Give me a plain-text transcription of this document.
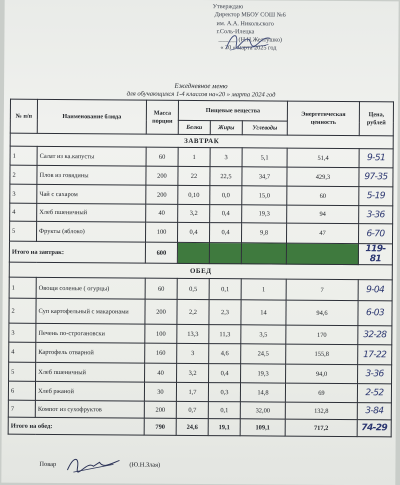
Утверждаю
Директор МБОУ СОШ №6
им. А.А. Никольского
г.Соль-Илецка
______ (Н.Н.Желтушко)
« 20 » марта 2025 год
Ежедневное меню
для обучающихся 1-4 классов на«20 » марта 2024 год
№ п/п	Наименование блюда	Масса порции	Пищевые вещества			Энергетическая ценность	Цена, рублей
			Белки	Жиры	Углеводы		
ЗАВТРАК							
1	Салат из ка.капусты	60	1	3	5,1	51,4	9-51
2	Плов из говядины	200	22	22,5	34,7	429,3	97-35
3	Чай с сахаром	200	0,10	0,0	15,0	60	5-19
4	Хлеб пшеничный	40	3,2	0,4	19,3	94	3-36
5	Фрукты (яблоко)	100	0,4	0,4	9,8	47	6-70
Итого на завтрак:		600					119-81
ОБЕД							
1	Овощи соленые ( огурцы)	60	0,5	0,1	1	7	9-04
2	Суп картофельный с макаронами	200	2,2	2,3	14	94,6	6-03
3	Печень по-строгановски	100	13,3	11,3	3,5	170	32-28
4	Картофель отварной	160	3	4,6	24,5	155,8	17-22
5	Хлеб пшеничный	40	3,2	0,4	19,3	94,0	3-36
6	Хлеб ржаной	30	1,7	0,3	14,8	69	2-52
7	Компот из сухофруктов	200	0,7	0,1	32,00	132,8	3-84
Итого на обед:		790	24,6	19,1	109,1	717,2	74-29
Повар	(Ю.Н.Злая)
